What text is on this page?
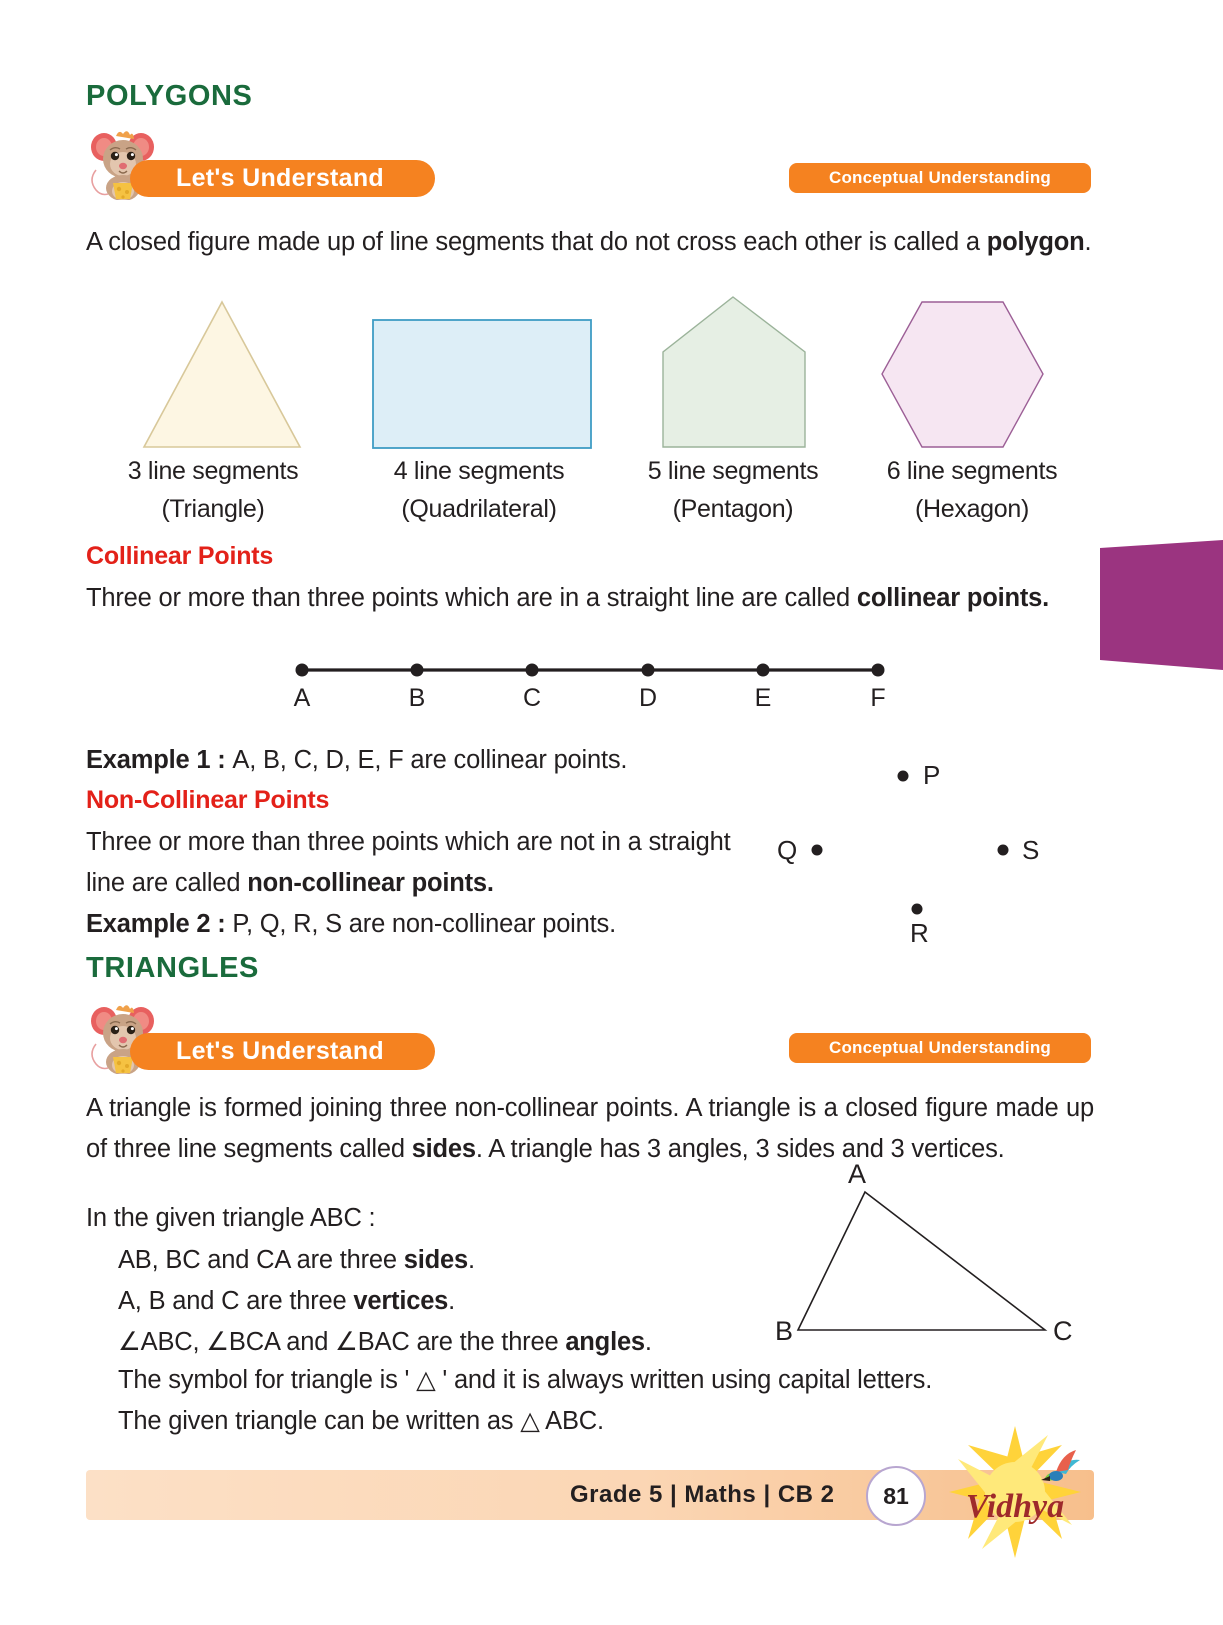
POLYGONS
Let's Understand	Conceptual Understanding
A closed figure made up of line segments that do not cross each other is called a polygon.
3 line segments
(Triangle)
4 line segments
(Quadrilateral)
5 line segments
(Pentagon)
6 line segments
(Hexagon)
Collinear Points
Three or more than three points which are in a straight line are called collinear points.
A	B	C	D	E	F
Example 1 : A, B, C, D, E, F are collinear points.
Non-Collinear Points
Three or more than three points which are not in a straight line are called non-collinear points.
P
Q	S
R
Example 2 : P, Q, R, S are non-collinear points.
TRIANGLES
Let's Understand	Conceptual Understanding
A triangle is formed joining three non-collinear points. A triangle is a closed figure made up of three line segments called sides. A triangle has 3 angles, 3 sides and 3 vertices.
In the given triangle ABC :
AB, BC and CA are three sides.
A, B and C are three vertices.
∠ABC, ∠BCA and ∠BAC are the three angles.
The symbol for triangle is ' △ ' and it is always written using capital letters.
The given triangle can be written as △ ABC.
A
B	C
Grade 5 | Maths | CB 2 81 Vidhya
